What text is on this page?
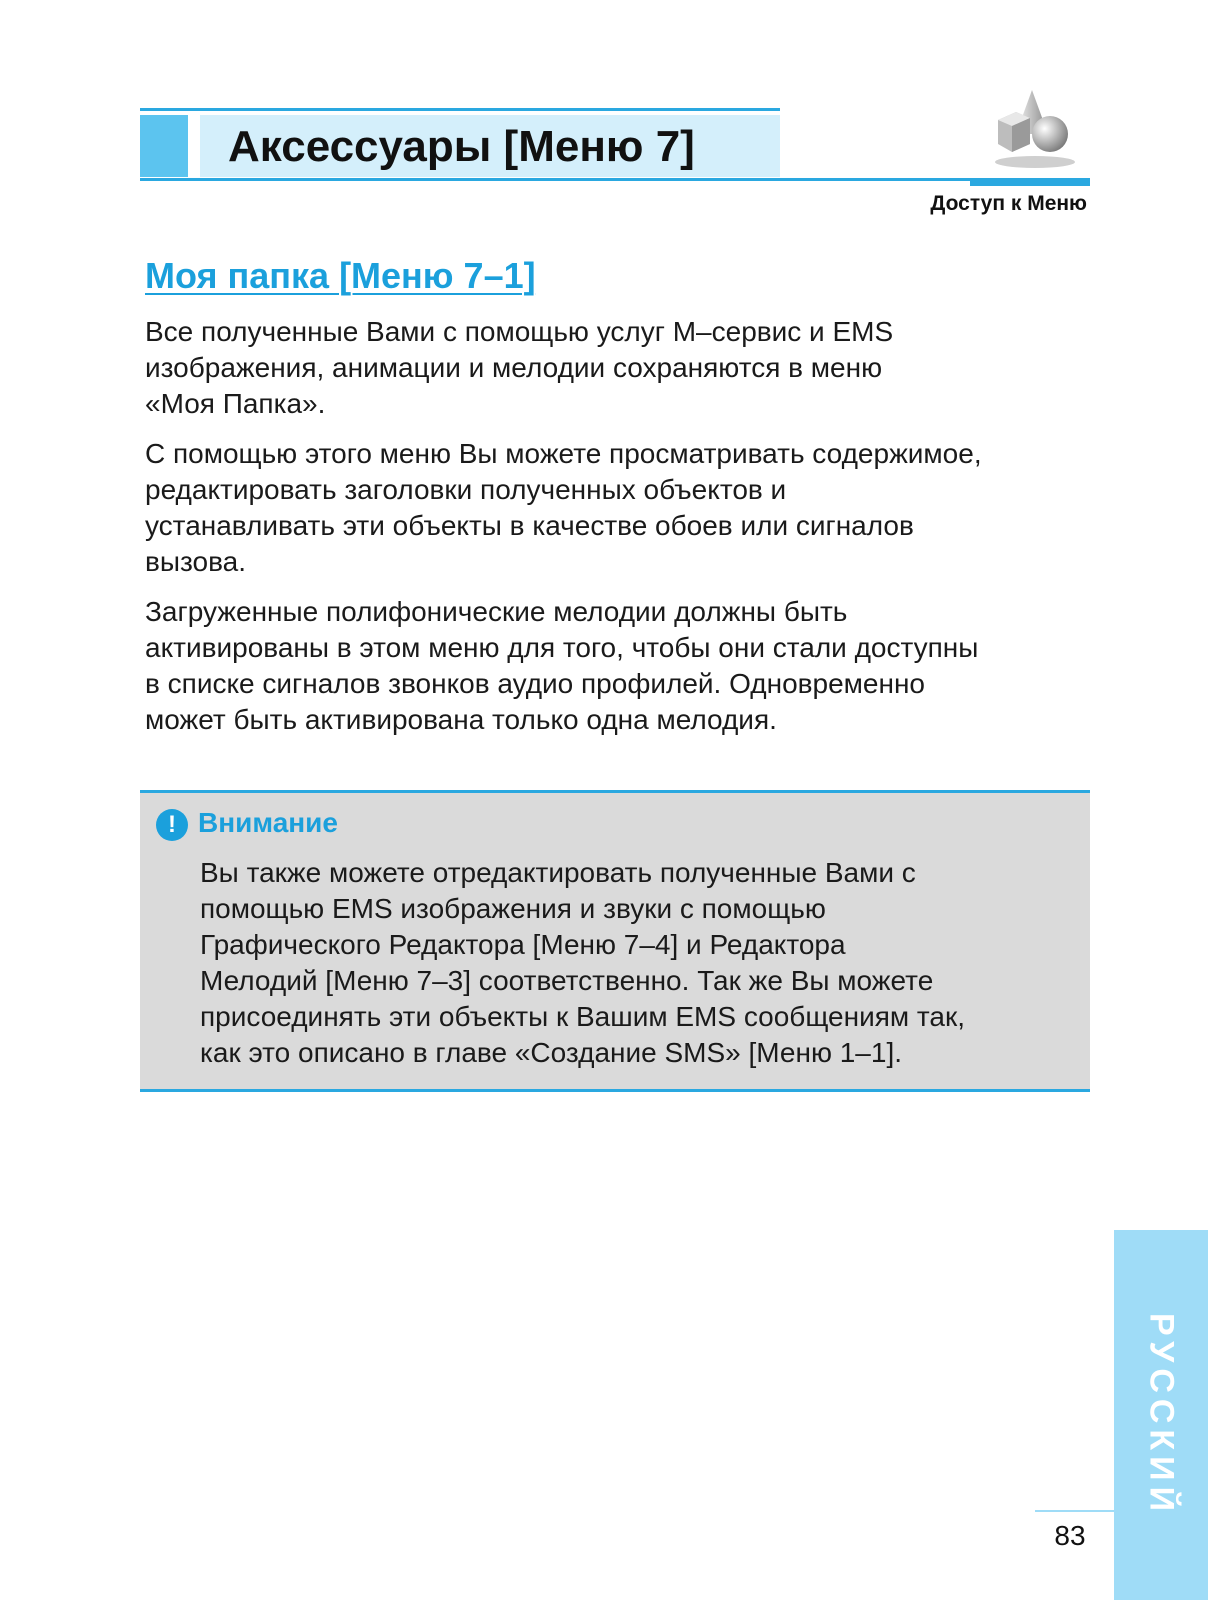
Аксессуары [Меню 7]
Доступ к Меню
Моя папка [Меню 7–1]

Все полученные Вами с помощью услуг M–сервис и EMS
изображения, анимации и мелодии сохраняются в меню
«Моя Папка».

С помощью этого меню Вы можете просматривать содержимое,
редактировать заголовки полученных объектов и
устанавливать эти объекты в качестве обоев или сигналов
вызова.

Загруженные полифонические мелодии должны быть
активированы в этом меню для того, чтобы они стали доступны
в списке сигналов звонков аудио профилей. Одновременно
может быть активирована только одна мелодия.

! Внимание
Вы также можете отредактировать полученные Вами с
помощью EMS изображения и звуки с помощью
Графического Редактора [Меню 7–4] и Редактора
Мелодий [Меню 7–3] соответственно. Так же Вы можете
присоединять эти объекты к Вашим EMS сообщениям так,
как это описано в главе «Создание SMS» [Меню 1–1].
РУССКИЙ
83
